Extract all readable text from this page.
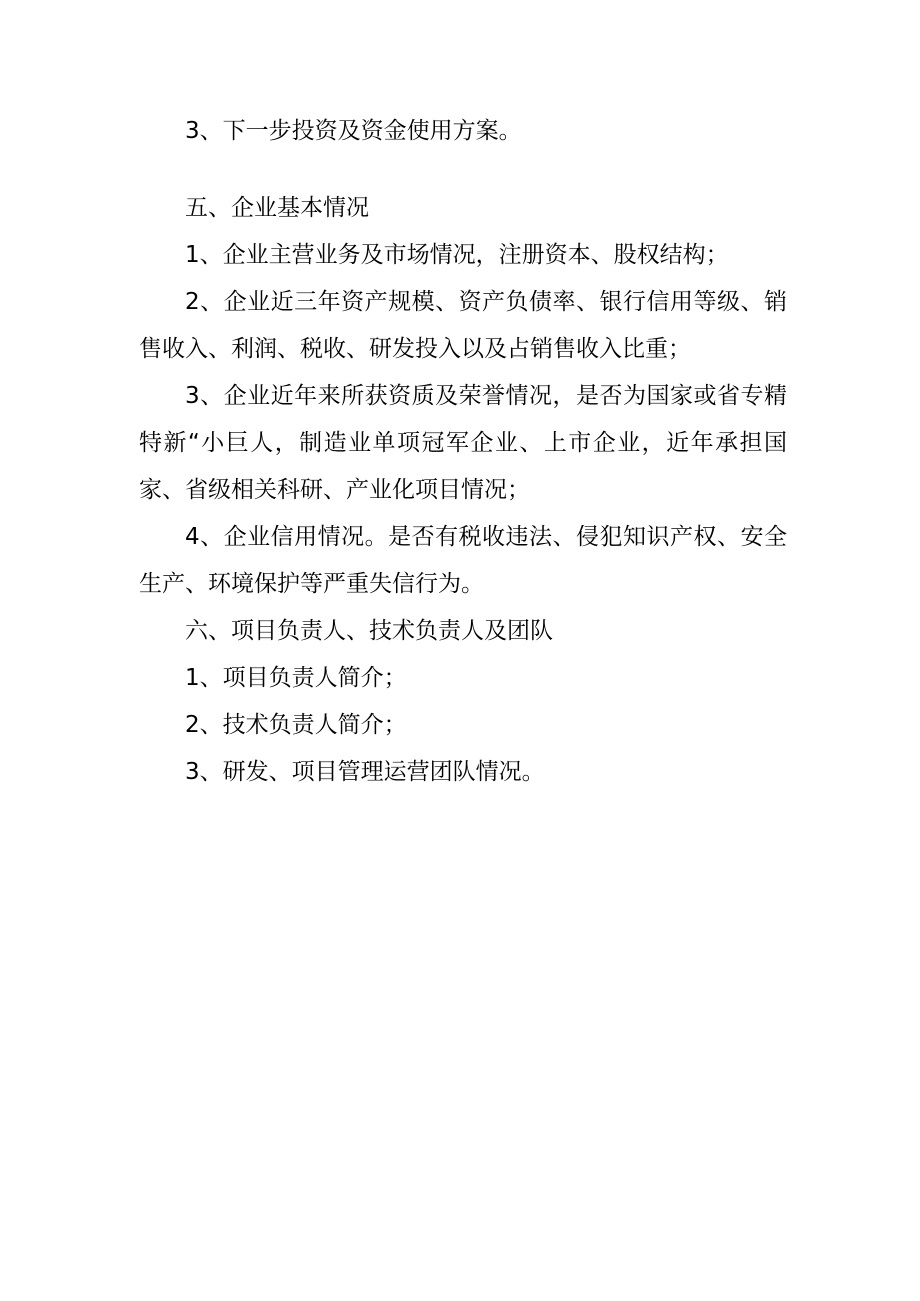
3、下一步投资及资金使用方案。

五、企业基本情况

1、企业主营业务及市场情况，注册资本、股权结构；

2、企业近三年资产规模、资产负债率、银行信用等级、销售收入、利润、税收、研发投入以及占销售收入比重；

3、企业近年来所获资质及荣誉情况，是否为国家或省专精特新“小巨人，制造业单项冠军企业、上市企业，近年承担国家、省级相关科研、产业化项目情况；

4、企业信用情况。是否有税收违法、侵犯知识产权、安全生产、环境保护等严重失信行为。

六、项目负责人、技术负责人及团队

1、项目负责人简介；

2、技术负责人简介；

3、研发、项目管理运营团队情况。
